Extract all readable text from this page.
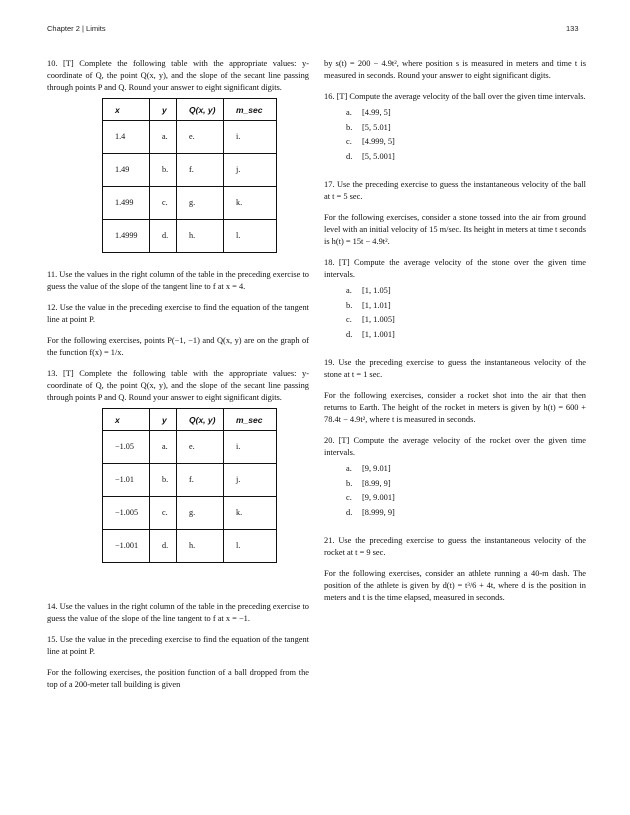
Chapter 2 | Limits	133

10. [T] Complete the following table with the appropriate values: y-coordinate of Q, the point Q(x, y), and the slope of the secant line passing through points P and Q. Round your answer to eight significant digits.

x	y	Q(x, y)	m_sec
1.4	a.	e.	i.
1.49	b.	f.	j.
1.499	c.	g.	k.
1.4999	d.	h.	l.

11. Use the values in the right column of the table in the preceding exercise to guess the value of the slope of the tangent line to f at x = 4.

12. Use the value in the preceding exercise to find the equation of the tangent line at point P.

For the following exercises, points P(−1, −1) and Q(x, y) are on the graph of the function f(x) = 1/x.

13. [T] Complete the following table with the appropriate values: y-coordinate of Q, the point Q(x, y), and the slope of the secant line passing through points P and Q. Round your answer to eight significant digits.

x	y	Q(x, y)	m_sec
−1.05	a.	e.	i.
−1.01	b.	f.	j.
−1.005	c.	g.	k.
−1.001	d.	h.	l.

14. Use the values in the right column of the table in the preceding exercise to guess the value of the slope of the line tangent to f at x = −1.

15. Use the value in the preceding exercise to find the equation of the tangent line at point P.

For the following exercises, the position function of a ball dropped from the top of a 200-meter tall building is given

by s(t) = 200 − 4.9t², where position s is measured in meters and time t is measured in seconds. Round your answer to eight significant digits.

16. [T] Compute the average velocity of the ball over the given time intervals.

a.	[4.99, 5]
b.	[5, 5.01]
c.	[4.999, 5]
d.	[5, 5.001]

17. Use the preceding exercise to guess the instantaneous velocity of the ball at t = 5 sec.

For the following exercises, consider a stone tossed into the air from ground level with an initial velocity of 15 m/sec. Its height in meters at time t seconds is h(t) = 15t − 4.9t².

18. [T] Compute the average velocity of the stone over the given time intervals.

a.	[1, 1.05]
b.	[1, 1.01]
c.	[1, 1.005]
d.	[1, 1.001]

19. Use the preceding exercise to guess the instantaneous velocity of the stone at t = 1 sec.

For the following exercises, consider a rocket shot into the air that then returns to Earth. The height of the rocket in meters is given by h(t) = 600 + 78.4t − 4.9t², where t is measured in seconds.

20. [T] Compute the average velocity of the rocket over the given time intervals.

a.	[9, 9.01]
b.	[8.99, 9]
c.	[9, 9.001]
d.	[8.999, 9]

21. Use the preceding exercise to guess the instantaneous velocity of the rocket at t = 9 sec.

For the following exercises, consider an athlete running a 40-m dash. The position of the athlete is given by d(t) = t³/6 + 4t, where d is the position in meters and t is the time elapsed, measured in seconds.
